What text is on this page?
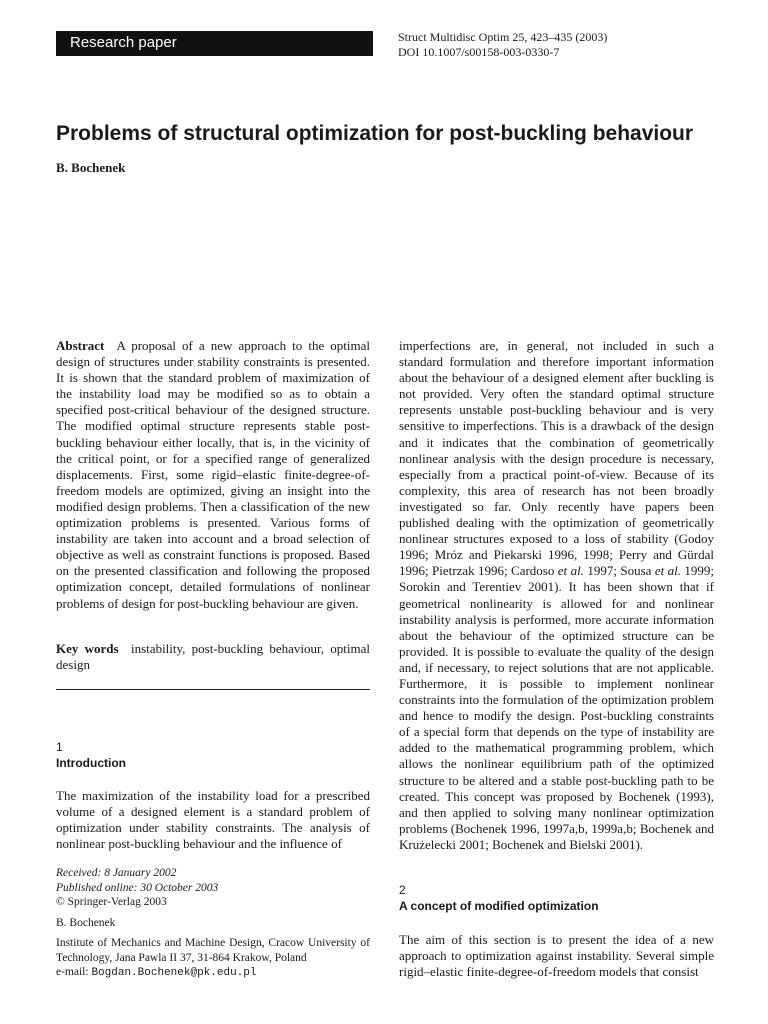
Research paper	Struct Multidisc Optim 25, 423–435 (2003)
DOI 10.1007/s00158-003-0330-7
Problems of structural optimization for post-buckling behaviour
B. Bochenek

Abstract A proposal of a new approach to the optimal design of structures under stability constraints is presented. It is shown that the standard problem of maximization of the instability load may be modified so as to obtain a specified post-critical behaviour of the designed structure. The modified optimal structure represents stable post-buckling behaviour either locally, that is, in the vicinity of the critical point, or for a specified range of generalized displacements. First, some rigid–elastic finite-degree-of-freedom models are optimized, giving an insight into the modified design problems. Then a classification of the new optimization problems is presented. Various forms of instability are taken into account and a broad selection of objective as well as constraint functions is proposed. Based on the presented classification and following the proposed optimization concept, detailed formulations of nonlinear problems of design for post-buckling behaviour are given.

Key words instability, post-buckling behaviour, optimal design

1
Introduction

The maximization of the instability load for a prescribed volume of a designed element is a standard problem of optimization under stability constraints. The analysis of nonlinear post-buckling behaviour and the influence of

Received: 8 January 2002
Published online: 30 October 2003
© Springer-Verlag 2003
B. Bochenek
Institute of Mechanics and Machine Design, Cracow University of Technology, Jana Pawla II 37, 31-864 Krakow, Poland
e-mail: Bogdan.Bochenek@pk.edu.pl

imperfections are, in general, not included in such a standard formulation and therefore important information about the behaviour of a designed element after buckling is not provided. Very often the standard optimal structure represents unstable post-buckling behaviour and is very sensitive to imperfections. This is a drawback of the design and it indicates that the combination of geometrically nonlinear analysis with the design procedure is necessary, especially from a practical point-of-view. Because of its complexity, this area of research has not been broadly investigated so far. Only recently have papers been published dealing with the optimization of geometrically nonlinear structures exposed to a loss of stability (Godoy 1996; Mróz and Piekarski 1996, 1998; Perry and Gürdal 1996; Pietrzak 1996; Cardoso et al. 1997; Sousa et al. 1999; Sorokin and Terentiev 2001). It has been shown that if geometrical nonlinearity is allowed for and nonlinear instability analysis is performed, more accurate information about the behaviour of the optimized structure can be provided. It is possible to evaluate the quality of the design and, if necessary, to reject solutions that are not applicable. Furthermore, it is possible to implement nonlinear constraints into the formulation of the optimization problem and hence to modify the design. Post-buckling constraints of a special form that depends on the type of instability are added to the mathematical programming problem, which allows the nonlinear equilibrium path of the optimized structure to be altered and a stable post-buckling path to be created. This concept was proposed by Bochenek (1993), and then applied to solving many nonlinear optimization problems (Bochenek 1996, 1997a,b, 1999a,b; Bochenek and Krużelecki 2001; Bochenek and Bielski 2001).

2
A concept of modified optimization

The aim of this section is to present the idea of a new approach to optimization against instability. Several simple rigid–elastic finite-degree-of-freedom models that consist
